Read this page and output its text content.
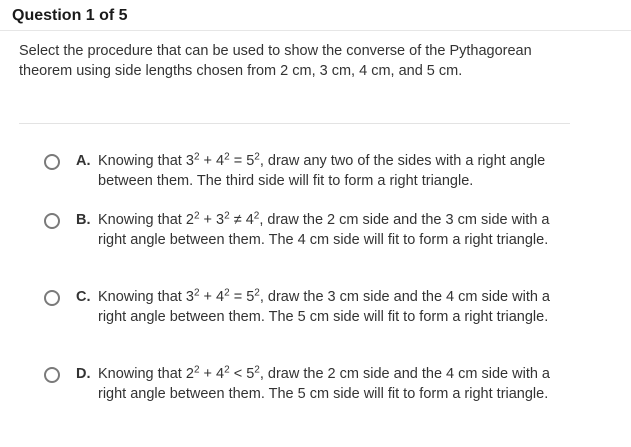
Question 1 of 5
Select the procedure that can be used to show the converse of the Pythagorean theorem using side lengths chosen from 2 cm, 3 cm, 4 cm, and 5 cm.
A. Knowing that $3^2 + 4^2 = 5^2$, draw any two of the sides with a right angle between them. The third side will fit to form a right triangle.
B. Knowing that $2^2 + 3^2 \ne 4^2$, draw the 2 cm side and the 3 cm side with a right angle between them. The 4 cm side will fit to form a right triangle.
C. Knowing that $3^2 + 4^2 = 5^2$, draw the 3 cm side and the 4 cm side with a right angle between them. The 5 cm side will fit to form a right triangle.
D. Knowing that $2^2 + 4^2 < 5^2$, draw the 2 cm side and the 4 cm side with a right angle between them. The 5 cm side will fit to form a right triangle.
